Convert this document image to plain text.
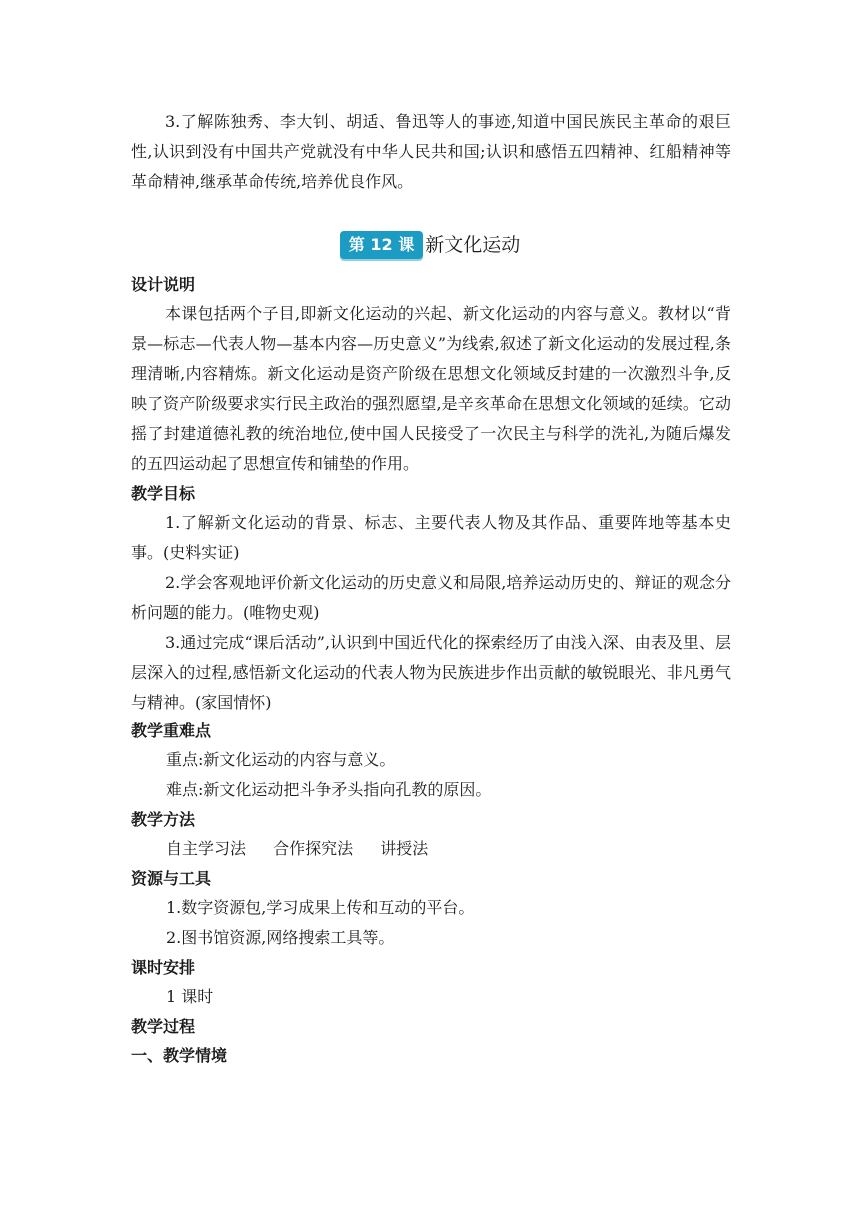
3.了解陈独秀、李大钊、胡适、鲁迅等人的事迹,知道中国民族民主革命的艰巨性,认识到没有中国共产党就没有中华人民共和国;认识和感悟五四精神、红船精神等革命精神,继承革命传统,培养优良作风。

第 12 课 新文化运动
设计说明

本课包括两个子目,即新文化运动的兴起、新文化运动的内容与意义。教材以“背景—标志—代表人物—基本内容—历史意义”为线索,叙述了新文化运动的发展过程,条理清晰,内容精炼。新文化运动是资产阶级在思想文化领域反封建的一次激烈斗争,反映了资产阶级要求实行民主政治的强烈愿望,是辛亥革命在思想文化领域的延续。它动摇了封建道德礼教的统治地位,使中国人民接受了一次民主与科学的洗礼,为随后爆发的五四运动起了思想宣传和铺垫的作用。

教学目标

1.了解新文化运动的背景、标志、主要代表人物及其作品、重要阵地等基本史事。(史料实证)

2.学会客观地评价新文化运动的历史意义和局限,培养运动历史的、辩证的观念分析问题的能力。(唯物史观)

3.通过完成“课后活动”,认识到中国近代化的探索经历了由浅入深、由表及里、层层深入的过程,感悟新文化运动的代表人物为民族进步作出贡献的敏锐眼光、非凡勇气与精神。(家国情怀)

教学重难点

重点:新文化运动的内容与意义。

难点:新文化运动把斗争矛头指向孔教的原因。

教学方法

自主学习法 合作探究法 讲授法

资源与工具

1.数字资源包,学习成果上传和互动的平台。

2.图书馆资源,网络搜索工具等。

课时安排

1 课时

教学过程
一、教学情境
